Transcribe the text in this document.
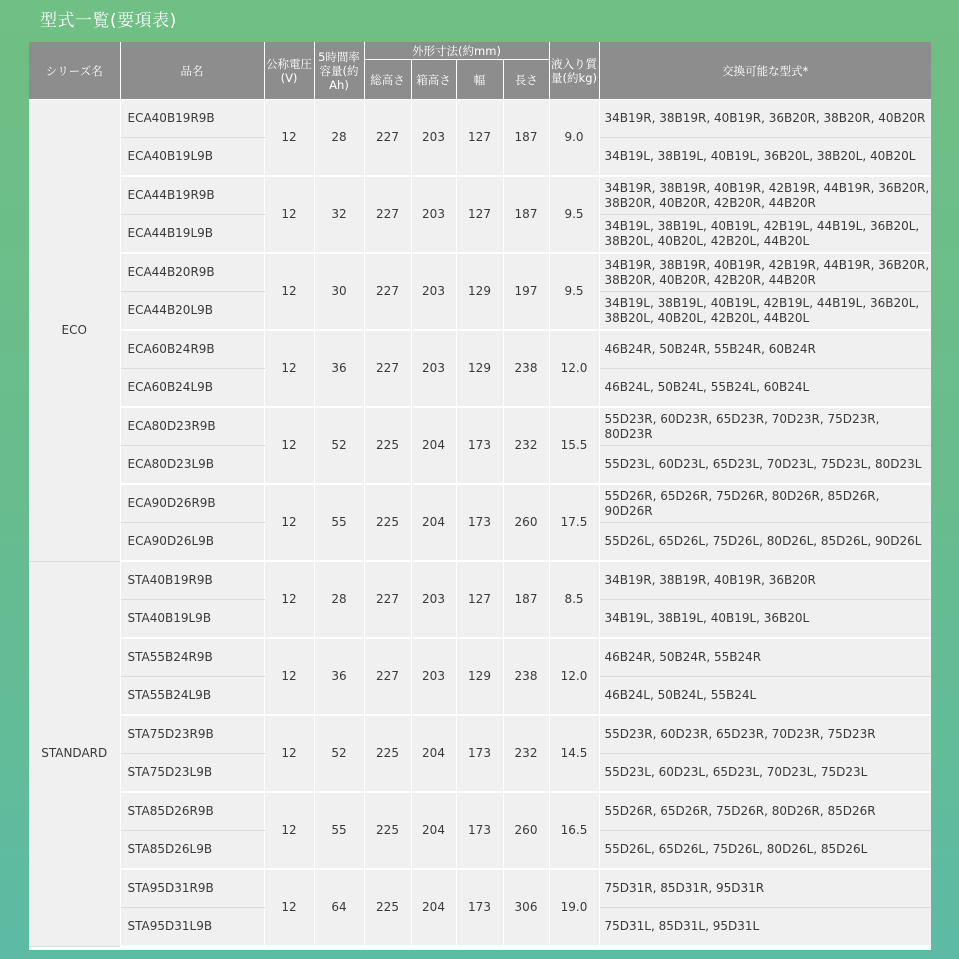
型式一覧(要項表)
シリーズ名	品名	公称電圧(V)	5時間率容量(約Ah)	外形寸法(約mm)				液入り質量(約kg)	交換可能な型式*
				総高さ	箱高さ	幅	長さ		
ECO	ECA40B19R9B	12	28	227	203	127	187	9.0	34B19R, 38B19R, 40B19R, 36B20R, 38B20R, 40B20R
	ECA40B19L9B								34B19L, 38B19L, 40B19L, 36B20L, 38B20L, 40B20L
	ECA44B19R9B	12	32	227	203	127	187	9.5	34B19R, 38B19R, 40B19R, 42B19R, 44B19R, 36B20R, 38B20R, 40B20R, 42B20R, 44B20R
	ECA44B19L9B								34B19L, 38B19L, 40B19L, 42B19L, 44B19L, 36B20L, 38B20L, 40B20L, 42B20L, 44B20L
	ECA44B20R9B	12	30	227	203	129	197	9.5	34B19R, 38B19R, 40B19R, 42B19R, 44B19R, 36B20R, 38B20R, 40B20R, 42B20R, 44B20R
	ECA44B20L9B								34B19L, 38B19L, 40B19L, 42B19L, 44B19L, 36B20L, 38B20L, 40B20L, 42B20L, 44B20L
	ECA60B24R9B	12	36	227	203	129	238	12.0	46B24R, 50B24R, 55B24R, 60B24R
	ECA60B24L9B								46B24L, 50B24L, 55B24L, 60B24L
	ECA80D23R9B	12	52	225	204	173	232	15.5	55D23R, 60D23R, 65D23R, 70D23R, 75D23R, 80D23R
	ECA80D23L9B								55D23L, 60D23L, 65D23L, 70D23L, 75D23L, 80D23L
	ECA90D26R9B	12	55	225	204	173	260	17.5	55D26R, 65D26R, 75D26R, 80D26R, 85D26R, 90D26R
	ECA90D26L9B								55D26L, 65D26L, 75D26L, 80D26L, 85D26L, 90D26L
STANDARD	STA40B19R9B	12	28	227	203	127	187	8.5	34B19R, 38B19R, 40B19R, 36B20R
	STA40B19L9B								34B19L, 38B19L, 40B19L, 36B20L
	STA55B24R9B	12	36	227	203	129	238	12.0	46B24R, 50B24R, 55B24R
	STA55B24L9B								46B24L, 50B24L, 55B24L
	STA75D23R9B	12	52	225	204	173	232	14.5	55D23R, 60D23R, 65D23R, 70D23R, 75D23R
	STA75D23L9B								55D23L, 60D23L, 65D23L, 70D23L, 75D23L
	STA85D26R9B	12	55	225	204	173	260	16.5	55D26R, 65D26R, 75D26R, 80D26R, 85D26R
	STA85D26L9B								55D26L, 65D26L, 75D26L, 80D26L, 85D26L
	STA95D31R9B	12	64	225	204	173	306	19.0	75D31R, 85D31R, 95D31R
	STA95D31L9B								75D31L, 85D31L, 95D31L
